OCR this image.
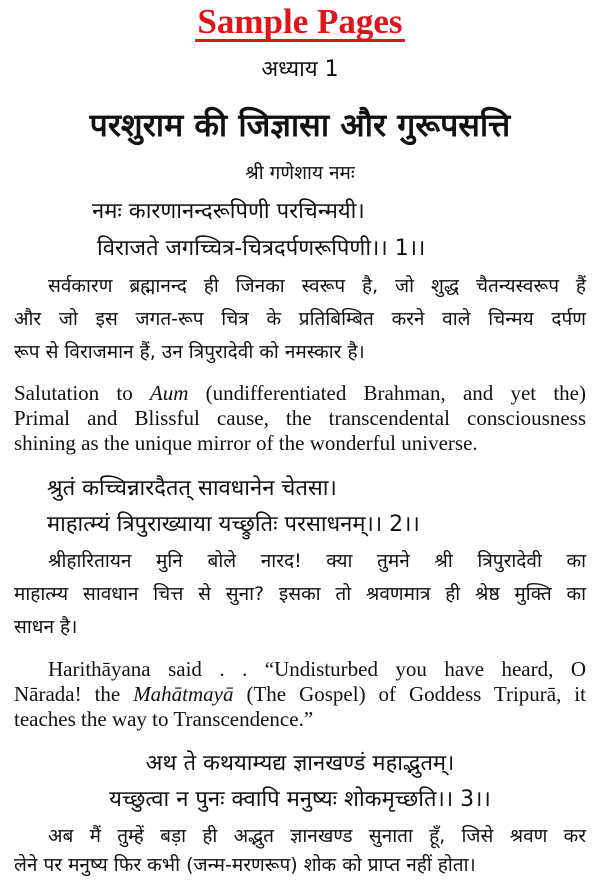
Sample Pages
अध्याय 1
परशुराम की जिज्ञासा और गुरूपसत्ति
श्री गणेशाय नमः
नमः कारणानन्दरूपिणी परचिन्मयी।
विराजते जगच्चित्र-चित्रदर्पणरूपिणी।। 1।।
सर्वकारण ब्रह्मानन्द ही जिनका स्वरूप है, जो शुद्ध चैतन्यस्वरूप हैं
और जो इस जगत-रूप चित्र के प्रतिबिम्बित करने वाले चिन्मय दर्पण
रूप से विराजमान हैं, उन त्रिपुरादेवी को नमस्कार है।
Salutation to Aum (undifferentiated Brahman, and yet the)
Primal and Blissful cause, the transcendental consciousness
shining as the unique mirror of the wonderful universe.
श्रुतं कच्चिन्नारदैतत् सावधानेन चेतसा।
माहात्म्यं त्रिपुराख्याया यच्छ्रुतिः परसाधनम्।। 2।।
श्रीहारितायन मुनि बोले नारद! क्या तुमने श्री त्रिपुरादेवी का
माहात्म्य सावधान चित्त से सुना? इसका तो श्रवणमात्र ही श्रेष्ठ मुक्ति का
साधन है।
Harithāyana said . . “Undisturbed you have heard, O
Nārada! the Mahātmayā (The Gospel) of Goddess Tripurā, it
teaches the way to Transcendence.”
अथ ते कथयाम्यद्य ज्ञानखण्डं महाद्भुतम्।
यच्छुत्वा न पुनः क्वापि मनुष्यः शोकमृच्छति।। 3।।
अब मैं तुम्हें बड़ा ही अद्भुत ज्ञानखण्ड सुनाता हूँ, जिसे श्रवण कर
लेने पर मनुष्य फिर कभी (जन्म-मरणरूप) शोक को प्राप्त नहीं होता।
